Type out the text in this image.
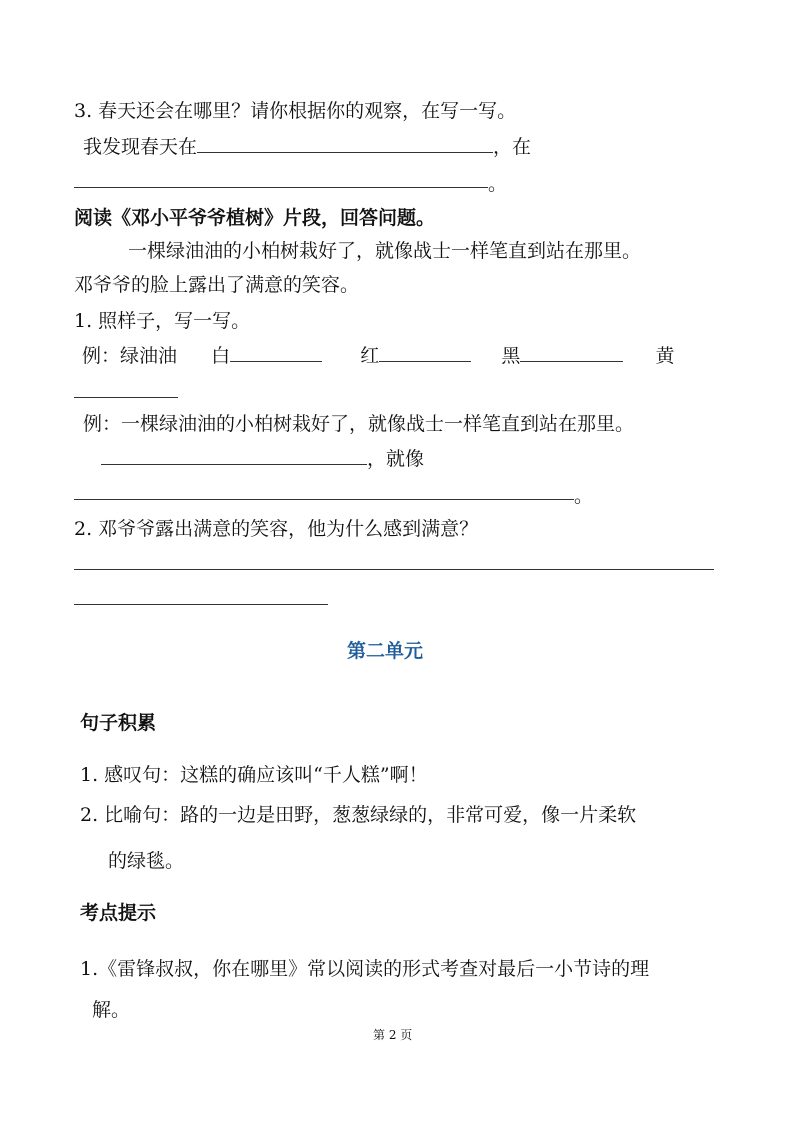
3. 春天还会在哪里？请你根据你的观察，在写一写。
我发现春天在	，在
。
阅读《邓小平爷爷植树》片段，回答问题。
一棵绿油油的小柏树栽好了，就像战士一样笔直到站在那里。
邓爷爷的脸上露出了满意的笑容。
1. 照样子，写一写。
例：绿油油 白	红	黑	黄
例：一棵绿油油的小柏树栽好了，就像战士一样笔直到站在那里。
，就像
。
2. 邓爷爷露出满意的笑容，他为什么感到满意？
第二单元
句子积累
1. 感叹句：这糕的确应该叫“千人糕”啊！
2. 比喻句：路的一边是田野，葱葱绿绿的，非常可爱，像一片柔软
的绿毯。
考点提示
1.《雷锋叔叔，你在哪里》常以阅读的形式考查对最后一小节诗的理
解。
第 2 页
